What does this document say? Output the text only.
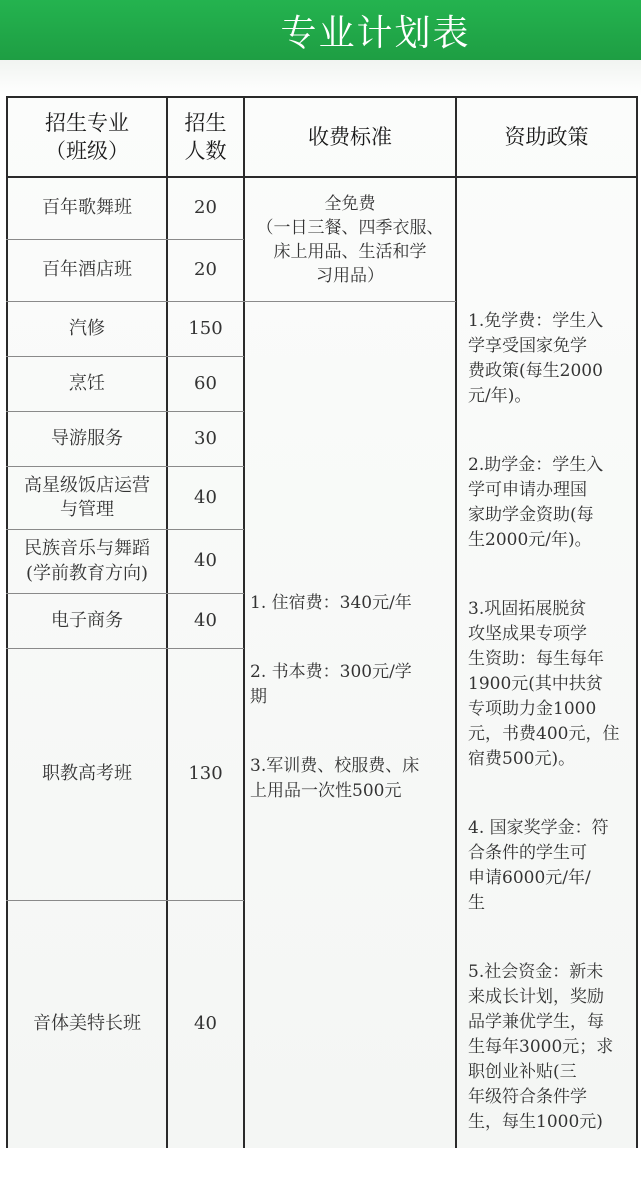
专业计划表
招生专业
（班级）
招生
人数
收费标准	资助政策
百年歌舞班
百年酒店班
汽修
烹饪
导游服务
高星级饭店运营
与管理
民族音乐与舞蹈
(学前教育方向)
电子商务
职教高考班
音体美特长班
20
20
150
60
30
40
40
40
130
40
全免费
（一日三餐、四季衣服、
床上用品、生活和学
习用品）

1. 住宿费：340元/年

2. 书本费：300元/学
期

3.军训费、校服费、床
上用品一次性500元

1.免学费：学生入
学享受国家免学
费政策(每生2000
元/年)。

2.助学金：学生入
学可申请办理国
家助学金资助(每
生2000元/年)。

3.巩固拓展脱贫
攻坚成果专项学
生资助：每生每年
1900元(其中扶贫
专项助力金1000
元，书费400元，住
宿费500元)。

4. 国家奖学金：符
合条件的学生可
申请6000元/年/
生

5.社会资金：新未
来成长计划，奖励
品学兼优学生，每
生每年3000元；求
职创业补贴(三
年级符合条件学
生，每生1000元)
